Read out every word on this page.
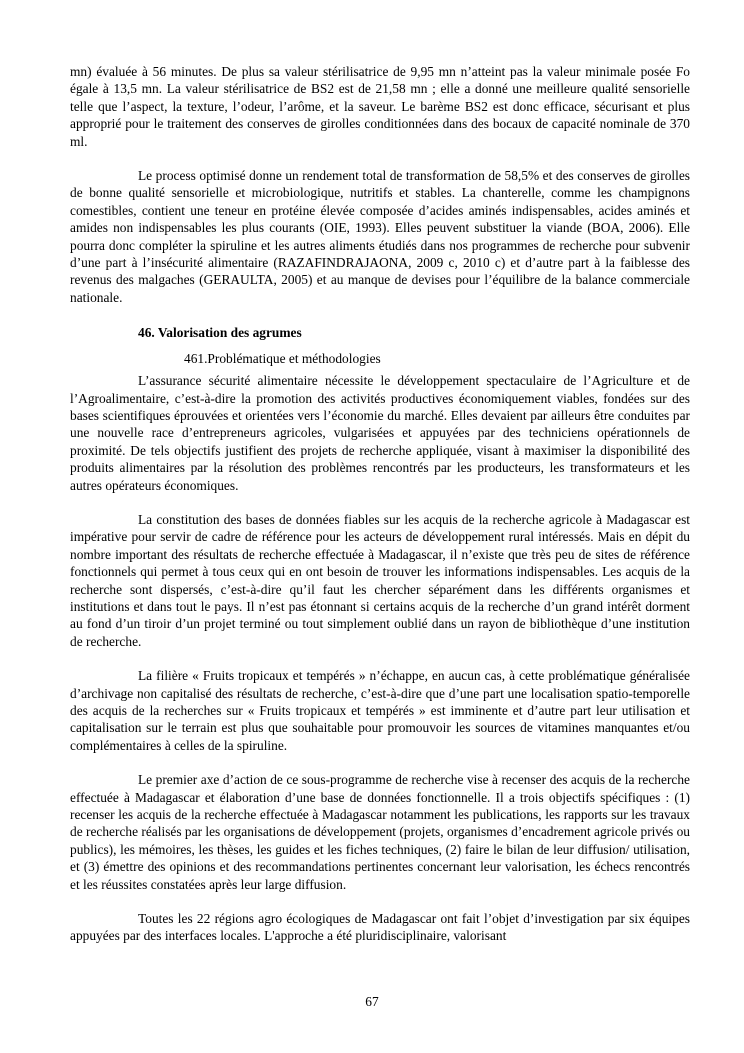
mn) évaluée à 56 minutes. De plus sa valeur stérilisatrice de 9,95 mn n’atteint pas la valeur minimale posée Fo égale à 13,5 mn. La valeur stérilisatrice de BS2 est de 21,58 mn ; elle a donné une meilleure qualité sensorielle telle que l’aspect, la texture, l’odeur, l’arôme, et la saveur. Le barème BS2 est donc efficace, sécurisant et plus approprié pour le traitement des conserves de girolles conditionnées dans des bocaux de capacité nominale de 370 ml.

Le process optimisé donne un rendement total de transformation de 58,5% et des conserves de girolles de bonne qualité sensorielle et microbiologique, nutritifs et stables. La chanterelle, comme les champignons comestibles, contient une teneur en protéine élevée composée d’acides aminés indispensables, acides aminés et amides non indispensables les plus courants (OIE, 1993). Elles peuvent substituer la viande (BOA, 2006). Elle pourra donc compléter la spiruline et les autres aliments étudiés dans nos programmes de recherche pour subvenir d’une part à l’insécurité alimentaire (RAZAFINDRAJAONA, 2009 c, 2010 c) et d’autre part à la faiblesse des revenus des malgaches (GERAULTA, 2005) et au manque de devises pour l’équilibre de la balance commerciale nationale.

46. Valorisation des agrumes
461.Problématique et méthodologies

L’assurance sécurité alimentaire nécessite le développement spectaculaire de l’Agriculture et de l’Agroalimentaire, c’est-à-dire la promotion des activités productives économiquement viables, fondées sur des bases scientifiques éprouvées et orientées vers l’économie du marché. Elles devaient par ailleurs être conduites par une nouvelle race d’entrepreneurs agricoles, vulgarisées et appuyées par des techniciens opérationnels de proximité. De tels objectifs justifient des projets de recherche appliquée, visant à maximiser la disponibilité des produits alimentaires par la résolution des problèmes rencontrés par les producteurs, les transformateurs et les autres opérateurs économiques.

La constitution des bases de données fiables sur les acquis de la recherche agricole à Madagascar est impérative pour servir de cadre de référence pour les acteurs de développement rural intéressés. Mais en dépit du nombre important des résultats de recherche effectuée à Madagascar, il n’existe que très peu de sites de référence fonctionnels qui permet à tous ceux qui en ont besoin de trouver les informations indispensables. Les acquis de la recherche sont dispersés, c’est-à-dire qu’il faut les chercher séparément dans les différents organismes et institutions et dans tout le pays. Il n’est pas étonnant si certains acquis de la recherche d’un grand intérêt dorment au fond d’un tiroir d’un projet terminé ou tout simplement oublié dans un rayon de bibliothèque d’une institution de recherche.

La filière « Fruits tropicaux et tempérés » n’échappe, en aucun cas, à cette problématique généralisée d’archivage non capitalisé des résultats de recherche, c’est-à-dire que d’une part une localisation spatio-temporelle des acquis de la recherches sur « Fruits tropicaux et tempérés » est imminente et d’autre part leur utilisation et capitalisation sur le terrain est plus que souhaitable pour promouvoir les sources de vitamines manquantes et/ou complémentaires à celles de la spiruline.

Le premier axe d’action de ce sous-programme de recherche vise à recenser des acquis de la recherche effectuée à Madagascar et élaboration d’une base de données fonctionnelle. Il a trois objectifs spécifiques : (1) recenser les acquis de la recherche effectuée à Madagascar notamment les publications, les rapports sur les travaux de recherche réalisés par les organisations de développement (projets, organismes d’encadrement agricole privés ou publics), les mémoires, les thèses, les guides et les fiches techniques, (2) faire le bilan de leur diffusion/ utilisation, et (3) émettre des opinions et des recommandations pertinentes concernant leur valorisation, les échecs rencontrés et les réussites constatées après leur large diffusion.

Toutes les 22 régions agro écologiques de Madagascar ont fait l’objet d’investigation par six équipes appuyées par des interfaces locales. L'approche a été pluridisciplinaire, valorisant

67
